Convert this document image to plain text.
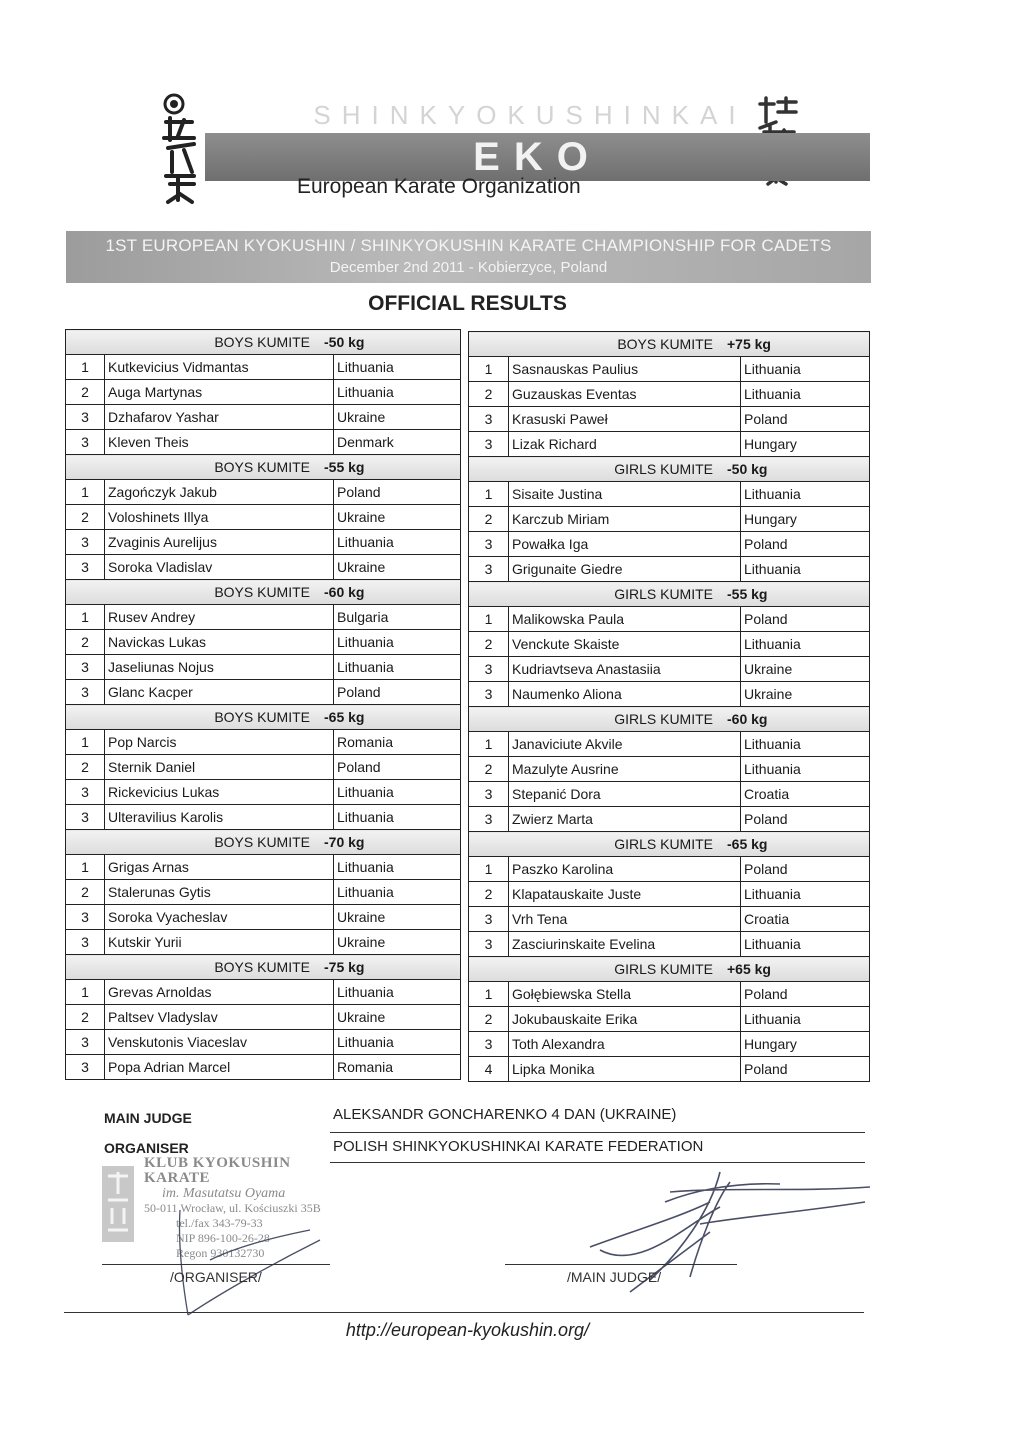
SHINKYOKUSHINKAI
EKO
European Karate Organization
1ST EUROPEAN KYOKUSHIN / SHINKYOKUSHIN KARATE CHAMPIONSHIP FOR CADETS
December 2nd 2011 - Kobierzyce, Poland
OFFICIAL RESULTS
BOYS KUMITE -50 kg		
1	Kutkevicius Vidmantas	Lithuania
2	Auga Martynas	Lithuania
3	Dzhafarov Yashar	Ukraine
3	Kleven Theis	Denmark
BOYS KUMITE -55 kg		
1	Zagończyk Jakub	Poland
2	Voloshinets Illya	Ukraine
3	Zvaginis Aurelijus	Lithuania
3	Soroka Vladislav	Ukraine
BOYS KUMITE -60 kg		
1	Rusev Andrey	Bulgaria
2	Navickas Lukas	Lithuania
3	Jaseliunas Nojus	Lithuania
3	Glanc Kacper	Poland
BOYS KUMITE -65 kg		
1	Pop Narcis	Romania
2	Sternik Daniel	Poland
3	Rickevicius Lukas	Lithuania
3	Ulteravilius Karolis	Lithuania
BOYS KUMITE -70 kg		
1	Grigas Arnas	Lithuania
2	Stalerunas Gytis	Lithuania
3	Soroka Vyacheslav	Ukraine
3	Kutskir Yurii	Ukraine
BOYS KUMITE -75 kg		
1	Grevas Arnoldas	Lithuania
2	Paltsev Vladyslav	Ukraine
3	Venskutonis Viaceslav	Lithuania
3	Popa Adrian Marcel	Romania
BOYS KUMITE +75 kg		
1	Sasnauskas Paulius	Lithuania
2	Guzauskas Eventas	Lithuania
3	Krasuski Paweł	Poland
3	Lizak Richard	Hungary
GIRLS KUMITE -50 kg		
1	Sisaite Justina	Lithuania
2	Karczub Miriam	Hungary
3	Powałka Iga	Poland
3	Grigunaite Giedre	Lithuania
GIRLS KUMITE -55 kg		
1	Malikowska Paula	Poland
2	Venckute Skaiste	Lithuania
3	Kudriavtseva Anastasiia	Ukraine
3	Naumenko Aliona	Ukraine
GIRLS KUMITE -60 kg		
1	Janaviciute Akvile	Lithuania
2	Mazulyte Ausrine	Lithuania
3	Stepanić Dora	Croatia
3	Zwierz Marta	Poland
GIRLS KUMITE -65 kg		
1	Paszko Karolina	Poland
2	Klapatauskaite Juste	Lithuania
3	Vrh Tena	Croatia
3	Zasciurinskaite Evelina	Lithuania
GIRLS KUMITE +65 kg		
1	Gołębiewska Stella	Poland
2	Jokubauskaite Erika	Lithuania
3	Toth Alexandra	Hungary
4	Lipka Monika	Poland
MAIN JUDGE	ALEKSANDR GONCHARENKO 4 DAN (UKRAINE)
ORGANISER	POLISH SHINKYOKUSHINKAI KARATE FEDERATION
KLUB KYOKUSHIN KARATE
im. Masutatsu Oyama
50-011 Wrocław, ul. Kościuszki 35B
tel./fax 343-79-33
NIP 896-100-26-28
Regon 930132730
/ORGANISER/	/MAIN JUDGE/
http://european-kyokushin.org/
